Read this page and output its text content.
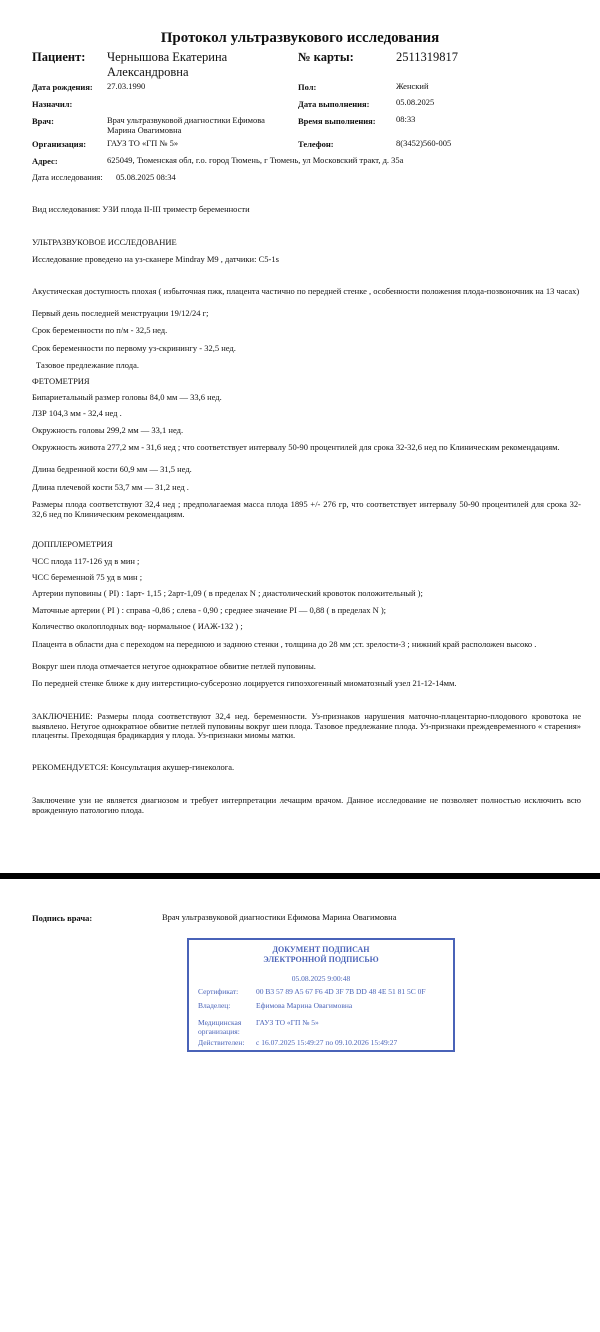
Протокол ультразвукового исследования
Пациент: Чернышова Екатерина
Александровна
№ карты:	2511319817
Дата рождения: 27.03.1990	Пол:	Женский
Назначил:	Дата выполнения:	05.08.2025
Врач:	Врач ультразвуковой диагностики Ефимова
Марина Овагимовна
Время выполнения: 08:33
Организация: ГАУЗ ТО «ГП № 5»	Телефон:	8(3452)560-005
Адрес:	625049, Тюменская обл, г.о. город Тюмень, г Тюмень, ул Московский тракт, д. 35а
Дата исследования: 05.08.2025 08:34
Вид исследования: УЗИ плода II-III триместр беременности
УЛЬТРАЗВУКОВОЕ ИССЛЕДОВАНИЕ
Исследование проведено на уз-сканере Mindray M9 , датчики: C5-1s
Акустическая доступность плохая ( избыточная пжк, плацента частично по передней стенке , особенности положения плода-позвоночник на 13 часах)
Первый день последней менструации 19/12/24 г;
Срок беременности по п/м - 32,5 нед.
Срок беременности по первому уз-скринингу - 32,5 нед.
Тазовое предлежание плода.
ФЕТОМЕТРИЯ
Бипариетальный размер головы 84,0 мм — 33,6 нед.
ЛЗР 104,3 мм - 32,4 нед .
Окружность головы 299,2 мм — 33,1 нед.
Окружность живота 277,2 мм - 31,6 нед ; что соответствует интервалу 50-90 процентилей для срока 32-32,6 нед по Клиническим рекомендациям.
Длина бедренной кости 60,9 мм — 31,5 нед.
Длина плечевой кости 53,7 мм — 31,2 нед .
Размеры плода соответствуют 32,4 нед ; предполагаемая масса плода 1895 +/- 276 гр, что соответствует интервалу 50-90 процентилей для срока 32-32,6 нед по Клиническим рекомендациям.
ДОППЛЕРОМЕТРИЯ
ЧСС плода 117-126 уд в мин ;
ЧСС беременной 75 уд в мин ;
Артерии пуповины ( PI) : 1арт- 1,15 ; 2арт-1,09 ( в пределах N ; диастолический кровоток положительный );
Маточные артерии ( PI ) : справа -0,86 ; слева - 0,90 ; среднее значение PI — 0,88 ( в пределах N );
Количество околоплодных вод- нормальное ( ИАЖ-132 ) ;
Плацента в области дна с переходом на переднюю и заднюю стенки , толщина до 28 мм ;ст. зрелости-3 ; нижний край расположен высоко .
Вокруг шеи плода отмечается нетугое однократное обвитие петлей пуповины.
По передней стенке ближе к дну интерстицио-субсерозно лоцируется гипоэхогенный миоматозный узел 21-12-14мм.
ЗАКЛЮЧЕНИЕ: Размеры плода соответствуют 32,4 нед. беременности. Уз-признаков нарушения маточно-плацентарно-плодового кровотока не выявлено. Нетугое однократное обвитие петлей пуповины вокруг шеи плода. Тазовое предлежание плода. Уз-признаки преждевременного « старения» плаценты. Преходящая брадикардия у плода. Уз-признаки миомы матки.
РЕКОМЕНДУЕТСЯ: Консультация акушер-гинеколога.
Заключение узи не является диагнозом и требует интерпретации лечащим врачом. Данное исследование не позволяет полностью исключить всю врожденную патологию плода.
Подпись врача:	Врач ультразвуковой диагностики Ефимова Марина Овагимовна
ДОКУМЕНТ ПОДПИСАН
ЭЛЕКТРОННОЙ ПОДПИСЬЮ
05.08.2025 9:00:48
Сертификат: 00 B3 57 89 A5 67 F6 4D 3F 7B DD 48 4E 51 81 5C 0F
Владелец:	Ефимова Марина Овагимовна
Медицинская
организация:
ГАУЗ ТО «ГП № 5»
Действителен: с 16.07.2025 15:49:27 по 09.10.2026 15:49:27
